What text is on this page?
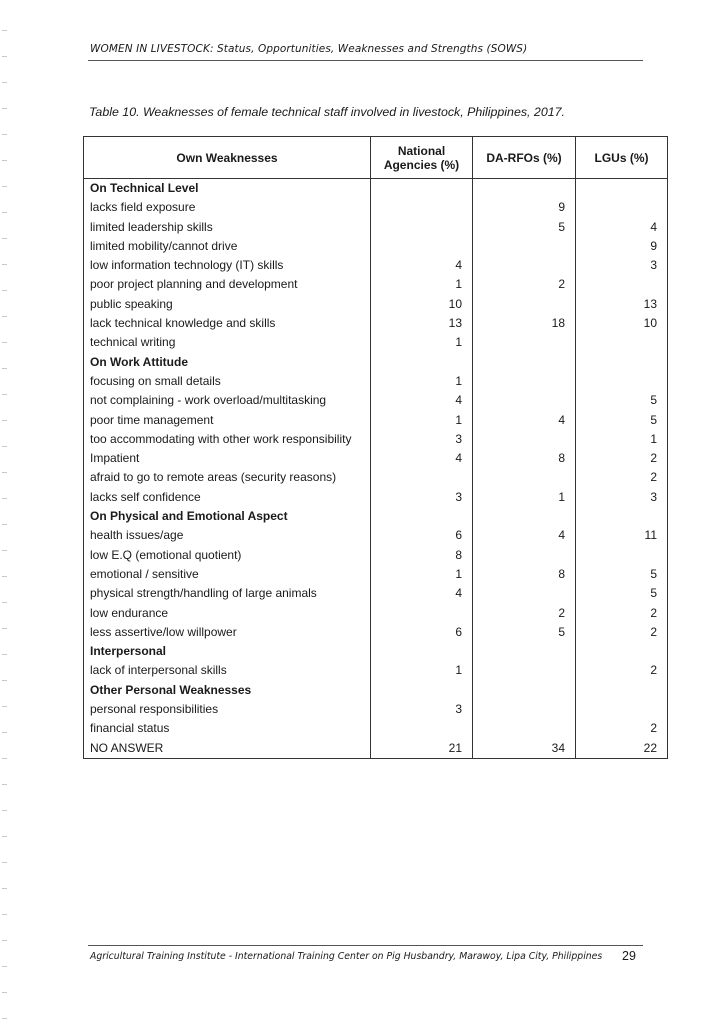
WOMEN IN LIVESTOCK: Status, Opportunities, Weaknesses and Strengths (SOWS)
Table 10. Weaknesses of female technical staff involved in livestock, Philippines, 2017.
Own Weaknesses	National
Agencies (%)	DA-RFOs (%)	LGUs (%)
On Technical Level			
lacks field exposure		9	
limited leadership skills		5	4
limited mobility/cannot drive			9
low information technology (IT) skills	4		3
poor project planning and development	1	2	
public speaking	10		13
lack technical knowledge and skills	13	18	10
technical writing	1		
On Work Attitude			
focusing on small details	1		
not complaining - work overload/multitasking	4		5
poor time management	1	4	5
too accommodating with other work responsibility	3		1
Impatient	4	8	2
afraid to go to remote areas (security reasons)			2
lacks self confidence	3	1	3
On Physical and Emotional Aspect			
health issues/age	6	4	11
low E.Q (emotional quotient)	8		
emotional / sensitive	1	8	5
physical strength/handling of large animals	4		5
low endurance		2	2
less assertive/low willpower	6	5	2
Interpersonal			
lack of interpersonal skills	1		2
Other Personal Weaknesses			
personal responsibilities	3		
financial status			2
NO ANSWER	21	34	22
Agricultural Training Institute - International Training Center on Pig Husbandry, Marawoy, Lipa City, Philippines	29
